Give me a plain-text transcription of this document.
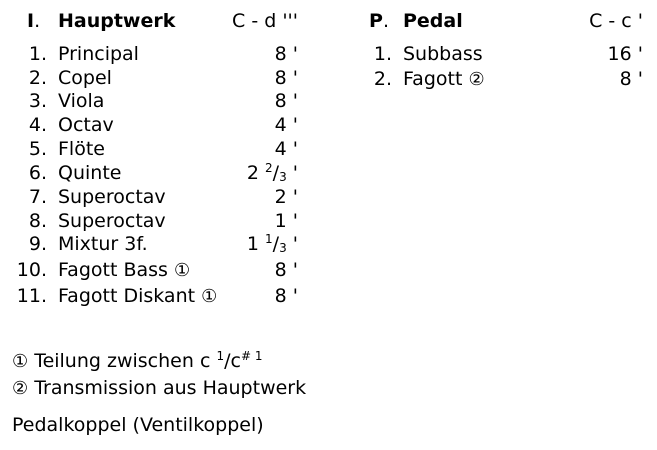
I. Hauptwerk	C - d '''
1. Principal	8 '
2. Copel	8 '
3. Viola	8 '
4. Octav	4 '
5. Flöte	4 '
6. Quinte	2 $^2/_3$ '
7. Superoctav	2 '
8. Superoctav	1 '
9. Mixtur 3f.	1 $^1/_3$ '
10. Fagott Bass ①	8 '
11. Fagott Diskant ①	8 '
P. Pedal	C - c '
1. Subbass	16 '
2. Fagott ②	8 '
① Teilung zwischen c $^1/c^{\# 1}$
② Transmission aus Hauptwerk
Pedalkoppel (Ventilkoppel)
